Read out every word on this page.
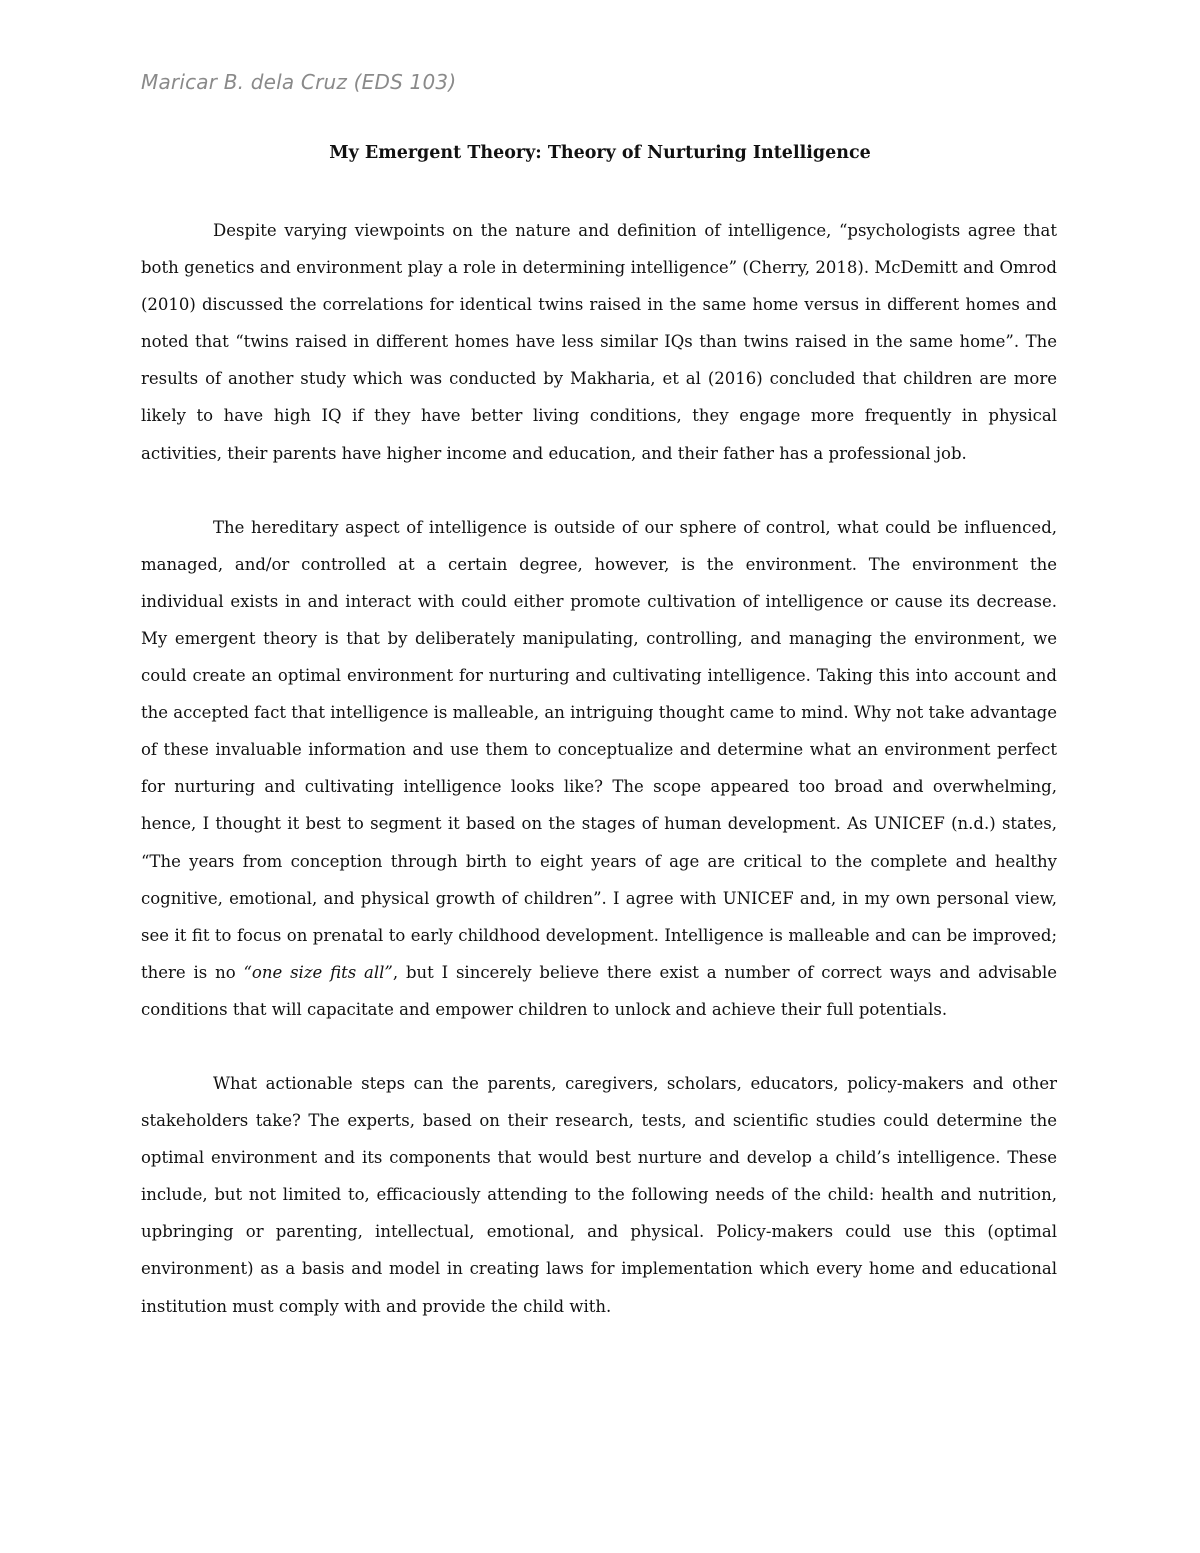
Maricar B. dela Cruz (EDS 103)
My Emergent Theory: Theory of Nurturing Intelligence

Despite varying viewpoints on the nature and definition of intelligence, “psychologists agree that both genetics and environment play a role in determining intelligence” (Cherry, 2018). McDemitt and Omrod (2010) discussed the correlations for identical twins raised in the same home versus in different homes and noted that “twins raised in different homes have less similar IQs than twins raised in the same home”. The results of another study which was conducted by Makharia, et al (2016) concluded that children are more likely to have high IQ if they have better living conditions, they engage more frequently in physical activities, their parents have higher income and education, and their father has a professional job.

The hereditary aspect of intelligence is outside of our sphere of control, what could be influenced, managed, and/or controlled at a certain degree, however, is the environment. The environment the individual exists in and interact with could either promote cultivation of intelligence or cause its decrease. My emergent theory is that by deliberately manipulating, controlling, and managing the environment, we could create an optimal environment for nurturing and cultivating intelligence. Taking this into account and the accepted fact that intelligence is malleable, an intriguing thought came to mind. Why not take advantage of these invaluable information and use them to conceptualize and determine what an environment perfect for nurturing and cultivating intelligence looks like? The scope appeared too broad and overwhelming, hence, I thought it best to segment it based on the stages of human development. As UNICEF (n.d.) states, “The years from conception through birth to eight years of age are critical to the complete and healthy cognitive, emotional, and physical growth of children”. I agree with UNICEF and, in my own personal view, see it fit to focus on prenatal to early childhood development. Intelligence is malleable and can be improved; there is no “one size fits all”, but I sincerely believe there exist a number of correct ways and advisable conditions that will capacitate and empower children to unlock and achieve their full potentials.

What actionable steps can the parents, caregivers, scholars, educators, policy-makers and other stakeholders take? The experts, based on their research, tests, and scientific studies could determine the optimal environment and its components that would best nurture and develop a child’s intelligence. These include, but not limited to, efficaciously attending to the following needs of the child: health and nutrition, upbringing or parenting, intellectual, emotional, and physical. Policy-makers could use this (optimal environment) as a basis and model in creating laws for implementation which every home and educational institution must comply with and provide the child with.
